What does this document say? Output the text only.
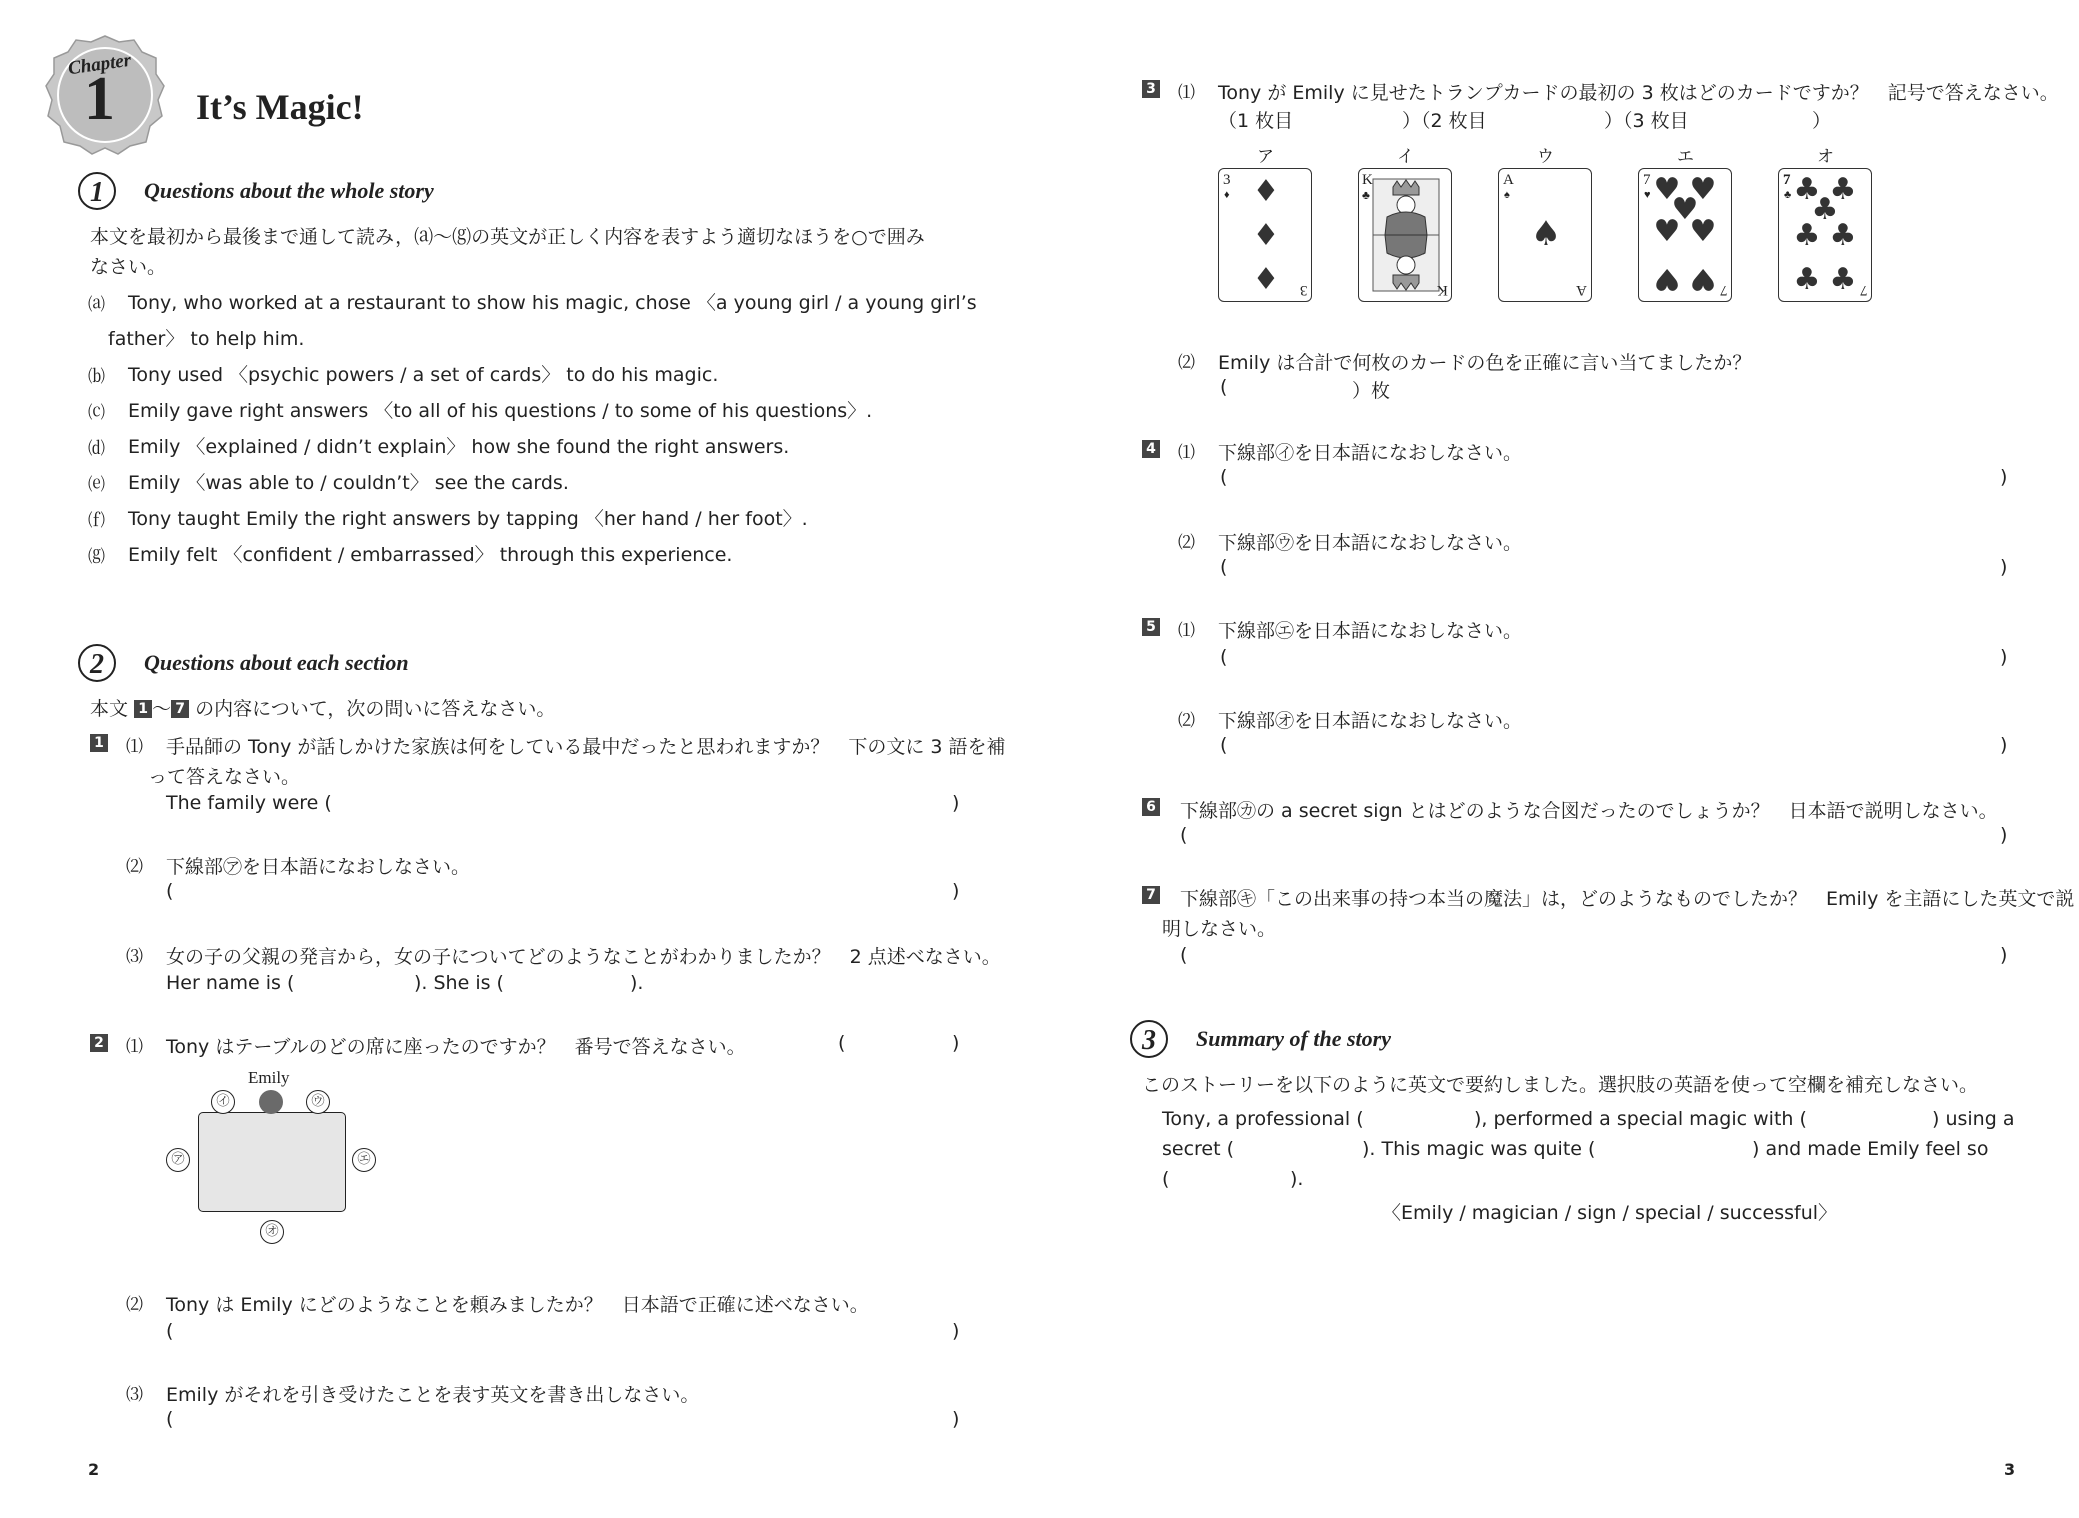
Chapter
1 It’s Magic!
1	Questions about the whole story
本文を最初から最後まで通して読み，⒜〜⒢の英文が正しく内容を表すよう適切なほうを○で囲み
なさい。
⒜ Tony, who worked at a restaurant to show his magic, chose 〈a young girl / a young girl’s
father〉 to help him.
⒝ Tony used 〈psychic powers / a set of cards〉 to do his magic.
⒞ Emily gave right answers 〈to all of his questions / to some of his questions〉.
⒟ Emily 〈explained / didn’t explain〉 how she found the right answers.
⒠ Emily 〈was able to / couldn’t〉 see the cards.
⒡ Tony taught Emily the right answers by tapping 〈her hand / her foot〉.
⒢ Emily felt 〈confident / embarrassed〉 through this experience.
2	Questions about each section
本文 1 〜 7 の内容について，次の問いに答えなさい。
1 ⑴ 手品師の Tony が話しかけた家族は何をしている最中だったと思われますか？　下の文に 3 語を補
って答えなさい。
The family were (	)
⑵ 下線部㋐を日本語になおしなさい。
(	)
⑶ 女の子の父親の発言から，女の子についてどのようなことがわかりましたか？　2 点述べなさい。
Her name is (	). She is (	).
2 ⑴ Tony はテーブルのどの席に座ったのですか？　番号で答えなさい。	(	)
Emily
㋐
㋑	㋒
㋓
㋔
⑵ Tony は Emily にどのようなことを頼みましたか？　日本語で正確に述べなさい。
(	)
⑶ Emily がそれを引き受けたことを表す英文を書き出しなさい。
(	)
2
3 ⑴ Tony が Emily に見せたトランプカードの最初の 3 枚はどのカードですか？　記号で答えなさい。
（1 枚目	）（2 枚目	）（3 枚目	）
ア	イ	ウ	エ	オ
3
♦ ♦
♦
♦ 3
K
♣
K
A
♠
♠
A
7
♥ ♥ ♥
♥
♥ ♥
♥ ♥ 7
7
♣ ♣ ♣
♣
♣ ♣
♣ ♣ 7
⑵ Emily は合計で何枚のカードの色を正確に言い当てましたか？
(	）枚
4 ⑴ 下線部㋑を日本語になおしなさい。
(	)
⑵ 下線部㋒を日本語になおしなさい。
(	)
5 ⑴ 下線部㋓を日本語になおしなさい。
(	)
⑵ 下線部㋔を日本語になおしなさい。
(	)
6 下線部㋕の a secret sign とはどのような合図だったのでしょうか？　日本語で説明しなさい。
(	)
7 下線部㋖「この出来事の持つ本当の魔法」は，どのようなものでしたか？　Emily を主語にした英文で説
明しなさい。
(	)
3	Summary of the story
このストーリーを以下のように英文で要約しました。選択肢の英語を使って空欄を補充しなさい。
Tony, a professional (	), performed a special magic with (	) using a
secret (	). This magic was quite (	) and made Emily feel so
(	).
〈Emily / magician / sign / special / successful〉
3
